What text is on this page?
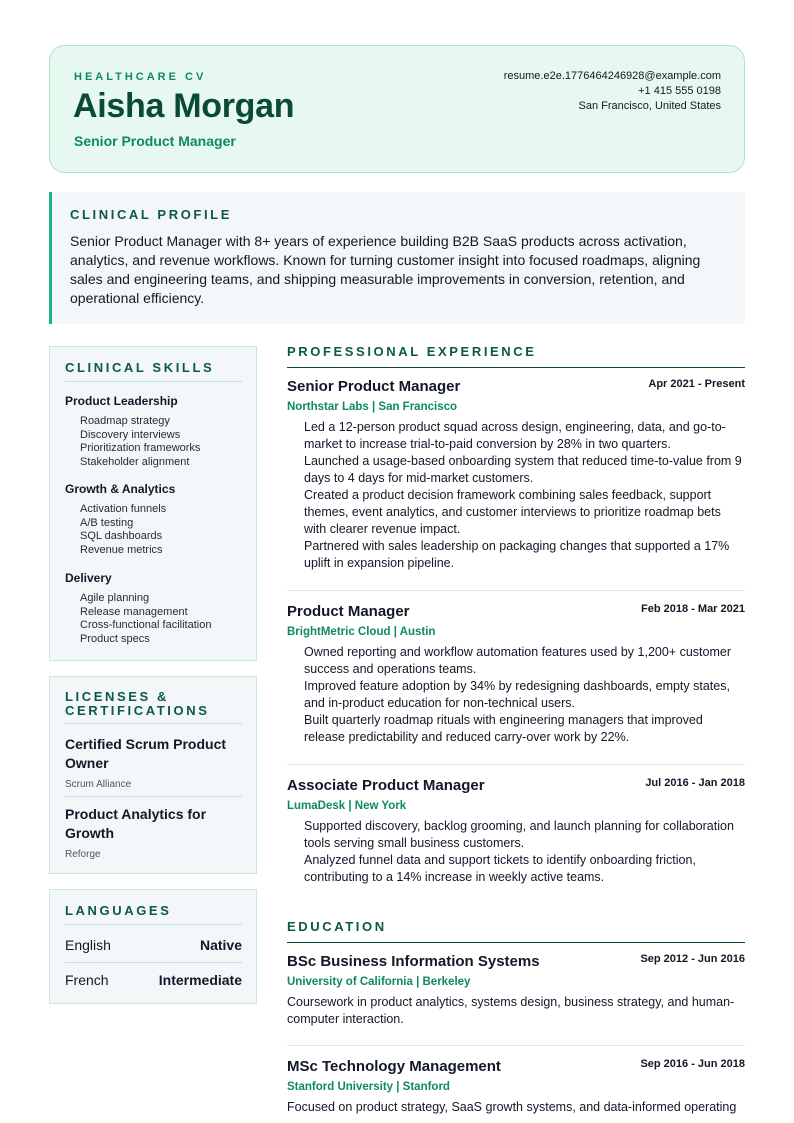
HEALTHCARE CV
Aisha Morgan
Senior Product Manager
resume.e2e.1776464246928@example.com
+1 415 555 0198
San Francisco, United States
CLINICAL PROFILE
Senior Product Manager with 8+ years of experience building B2B SaaS products across activation, analytics, and revenue workflows. Known for turning customer insight into focused roadmaps, aligning sales and engineering teams, and shipping measurable improvements in conversion, retention, and operational efficiency.
CLINICAL SKILLS
Product Leadership
Roadmap strategy
Discovery interviews
Prioritization frameworks
Stakeholder alignment
Growth & Analytics
Activation funnels
A/B testing
SQL dashboards
Revenue metrics
Delivery
Agile planning
Release management
Cross-functional facilitation
Product specs
LICENSES &
CERTIFICATIONS
Certified Scrum Product Owner
Scrum Alliance
Product Analytics for Growth
Reforge
LANGUAGES
English	Native
French	Intermediate
PROFESSIONAL EXPERIENCE
Senior Product Manager	Apr 2021 - Present
Northstar Labs | San Francisco
Led a 12-person product squad across design, engineering, data, and go-to-market to increase trial-to-paid conversion by 28% in two quarters.
Launched a usage-based onboarding system that reduced time-to-value from 9 days to 4 days for mid-market customers.
Created a product decision framework combining sales feedback, support themes, event analytics, and customer interviews to prioritize roadmap bets with clearer revenue impact.
Partnered with sales leadership on packaging changes that supported a 17% uplift in expansion pipeline.
Product Manager	Feb 2018 - Mar 2021
BrightMetric Cloud | Austin
Owned reporting and workflow automation features used by 1,200+ customer success and operations teams.
Improved feature adoption by 34% by redesigning dashboards, empty states, and in-product education for non-technical users.
Built quarterly roadmap rituals with engineering managers that improved release predictability and reduced carry-over work by 22%.
Associate Product Manager	Jul 2016 - Jan 2018
LumaDesk | New York
Supported discovery, backlog grooming, and launch planning for collaboration tools serving small business customers.
Analyzed funnel data and support tickets to identify onboarding friction, contributing to a 14% increase in weekly active teams.
EDUCATION
BSc Business Information Systems	Sep 2012 - Jun 2016
University of California | Berkeley
Coursework in product analytics, systems design, business strategy, and human-computer interaction.
MSc Technology Management	Sep 2016 - Jun 2018
Stanford University | Stanford
Focused on product strategy, SaaS growth systems, and data-informed operating
